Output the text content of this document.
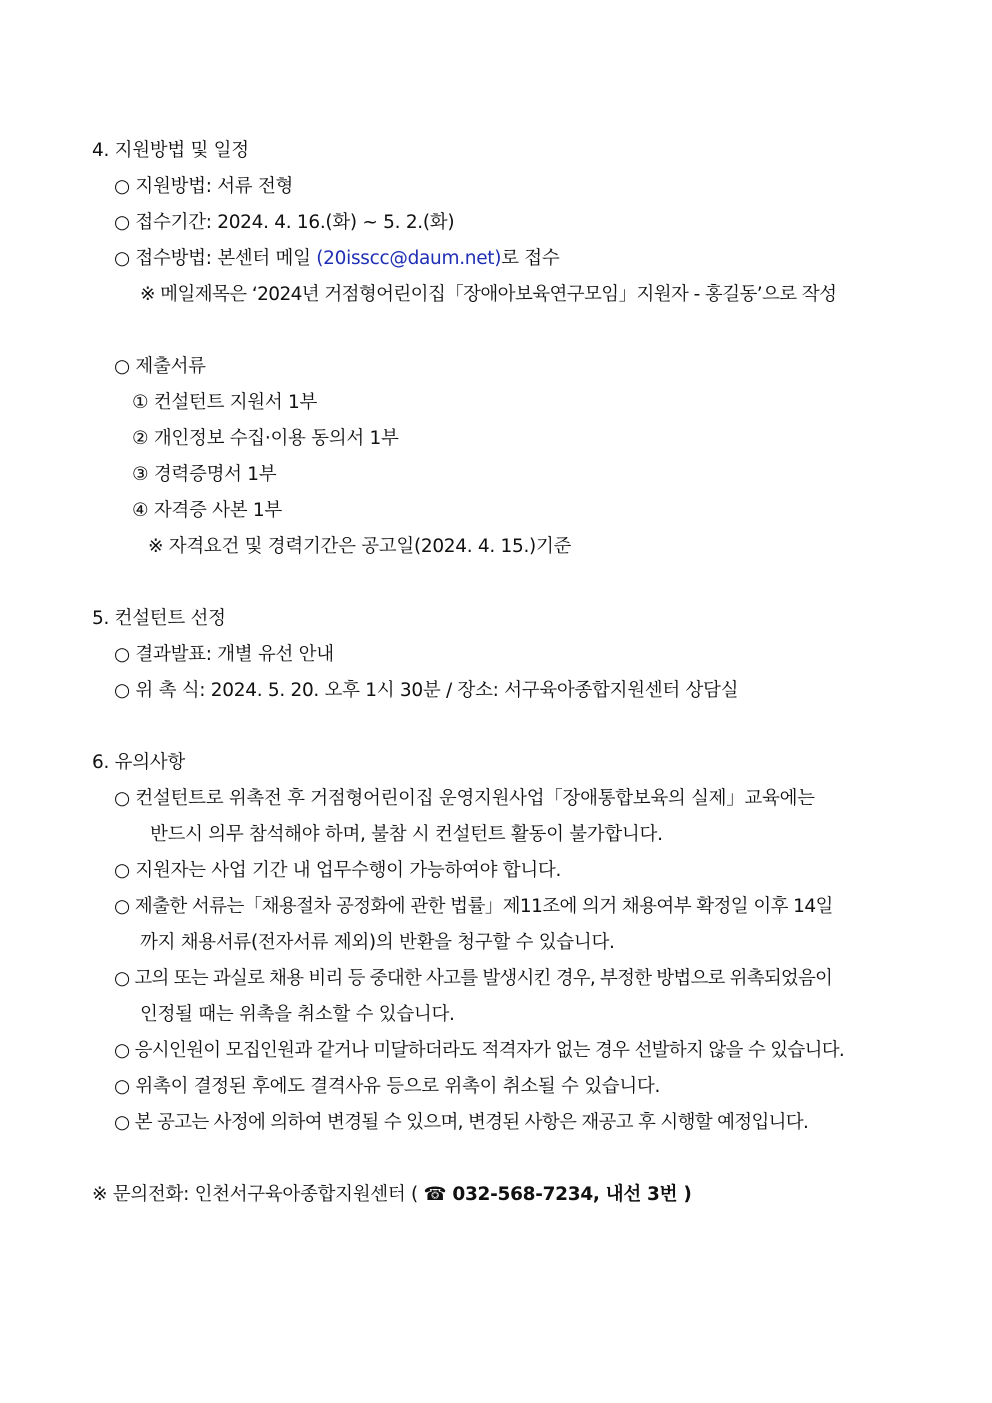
4. 지원방법 및 일정
○ 지원방법: 서류 전형
○ 접수기간: 2024. 4. 16.(화) ~ 5. 2.(화)
○ 접수방법: 본센터 메일 (20isscc@daum.net)로 접수
※ 메일제목은 ‘2024년 거점형어린이집「장애아보육연구모임」지원자 - 홍길동’으로 작성
○ 제출서류
① 컨설턴트 지원서 1부
② 개인정보 수집·이용 동의서 1부
③ 경력증명서 1부
④ 자격증 사본 1부
※ 자격요건 및 경력기간은 공고일(2024. 4. 15.)기준
5. 컨설턴트 선정
○ 결과발표: 개별 유선 안내
○ 위 촉 식: 2024. 5. 20. 오후 1시 30분 / 장소: 서구육아종합지원센터 상담실
6. 유의사항
○ 컨설턴트로 위촉전 후 거점형어린이집 운영지원사업「장애통합보육의 실제」교육에는
반드시 의무 참석해야 하며, 불참 시 컨설턴트 활동이 불가합니다.
○ 지원자는 사업 기간 내 업무수행이 가능하여야 합니다.
○ 제출한 서류는「채용절차 공정화에 관한 법률」제11조에 의거 채용여부 확정일 이후 14일
까지 채용서류(전자서류 제외)의 반환을 청구할 수 있습니다.
○ 고의 또는 과실로 채용 비리 등 중대한 사고를 발생시킨 경우, 부정한 방법으로 위촉되었음이
인정될 때는 위촉을 취소할 수 있습니다.
○ 응시인원이 모집인원과 같거나 미달하더라도 적격자가 없는 경우 선발하지 않을 수 있습니다.
○ 위촉이 결정된 후에도 결격사유 등으로 위촉이 취소될 수 있습니다.
○ 본 공고는 사정에 의하여 변경될 수 있으며, 변경된 사항은 재공고 후 시행할 예정입니다.
※ 문의전화: 인천서구육아종합지원센터 ( ☎ 032-568-7234, 내선 3번 )
